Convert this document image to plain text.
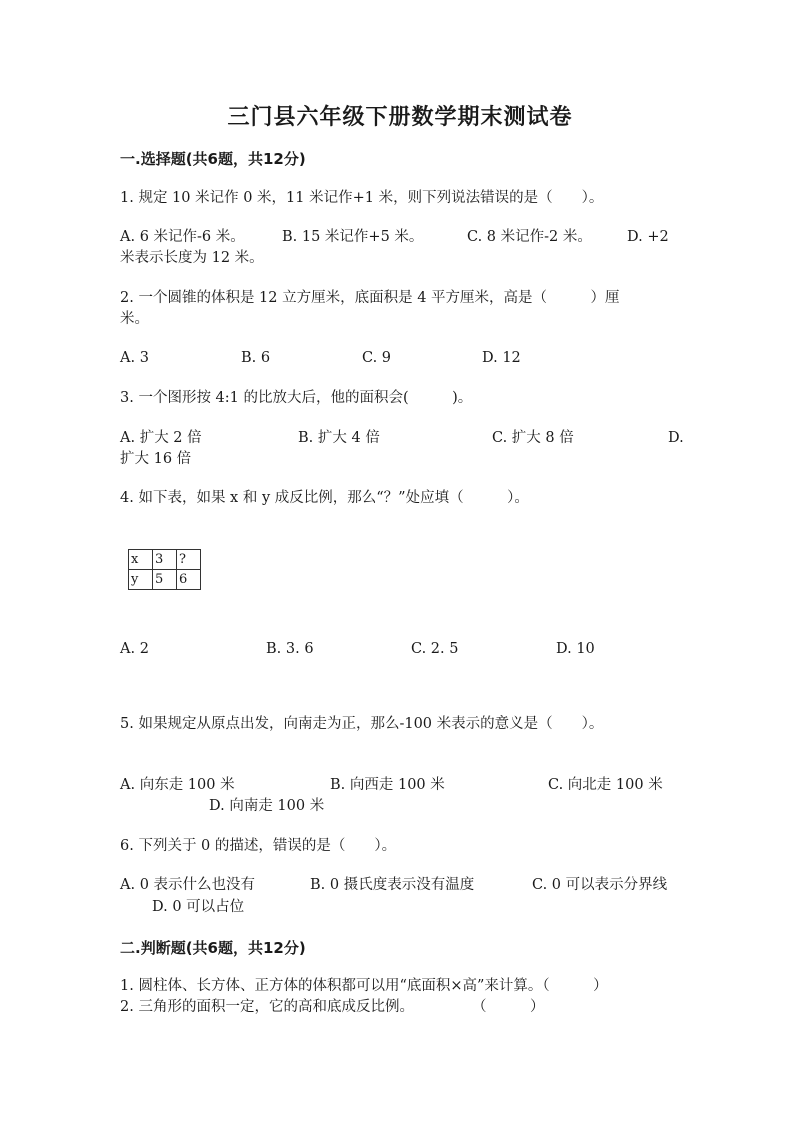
三门县六年级下册数学期末测试卷
一.选择题(共6题，共12分)
1. 规定 10 米记作 0 米，11 米记作+1 米，则下列说法错误的是（　　）。
A. 6 米记作-6 米。	B. 15 米记作+5 米。	C. 8 米记作-2 米。 D. +2
米表示长度为 12 米。
2. 一个圆锥的体积是 12 立方厘米，底面积是 4 平方厘米，高是（　　　）厘
米。
A. 3	B. 6	C. 9	D. 12
3. 一个图形按 4:1 的比放大后，他的面积会(　　　)。
A. 扩大 2 倍	B. 扩大 4 倍	C. 扩大 8 倍	D.
扩大 16 倍
4. 如下表，如果 x 和 y 成反比例，那么“？”处应填（　　　）。
x	3	?
y	5	6
A. 2	B. 3. 6	C. 2. 5	D. 10
5. 如果规定从原点出发，向南走为正，那么-100 米表示的意义是（　　）。
A. 向东走 100 米	B. 向西走 100 米	C. 向北走 100 米
D. 向南走 100 米
6. 下列关于 0 的描述，错误的是（　　）。
A. 0 表示什么也没有	B. 0 摄氏度表示没有温度	C. 0 可以表示分界线
D. 0 可以占位
二.判断题(共6题，共12分)
1. 圆柱体、长方体、正方体的体积都可以用“底面积×高”来计算。（　　　）
2. 三角形的面积一定，它的高和底成反比例。　　　　　（　　　）
